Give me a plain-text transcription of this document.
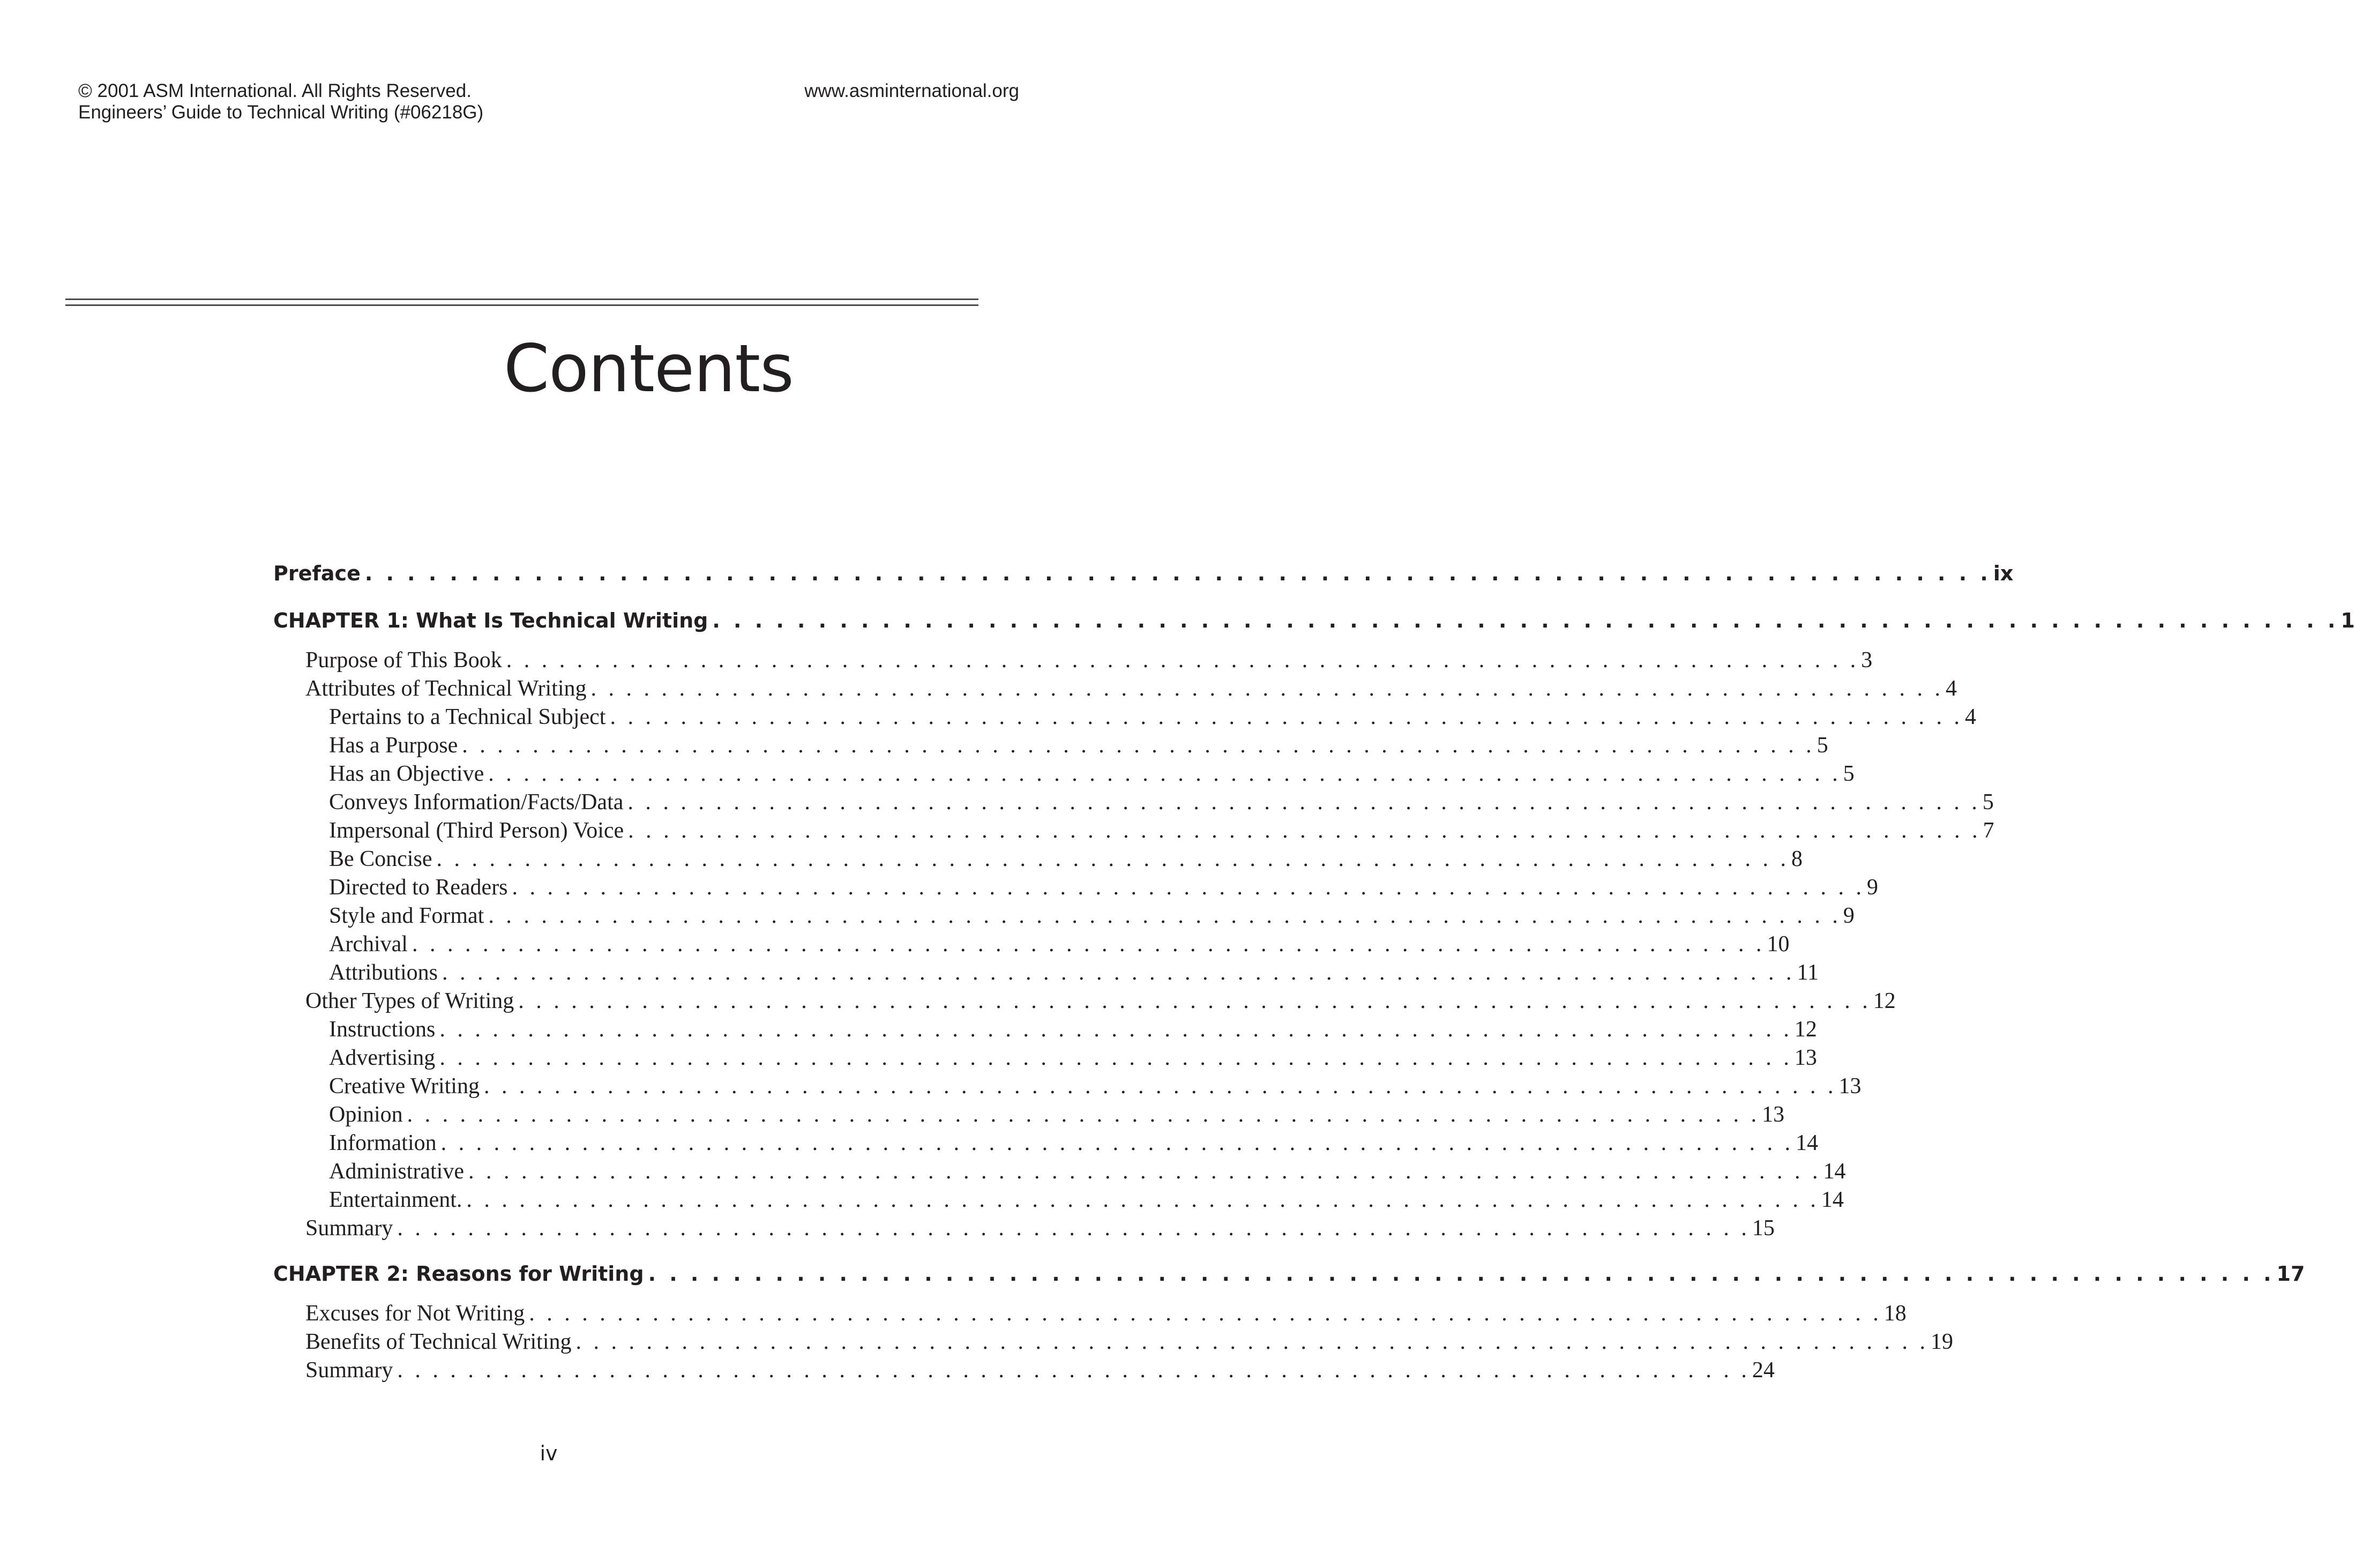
© 2001 ASM International. All Rights Reserved.
Engineers’ Guide to Technical Writing (#06218G)
www.asminternational.org
Contents
Preface . . . . . . . . . . . . . . . . . . . . . . . . . . . . . . . . . . . . . . . . . . . . . . . . . . . . . . . . . . . . . . . . . . . . . . . . . . . . . ix
CHAPTER 1: What Is Technical Writing . . . . . . . . . . . . . . . . . . . . . . . . . . . . . . . . . . . . . . . . . . . . . . . . . . . . . . . . . . . . . . . . . . . . . . . . . . . . . 1
Purpose of This Book . . . . . . . . . . . . . . . . . . . . . . . . . . . . . . . . . . . . . . . . . . . . . . . . . . . . . . . . . . . . . . . . . . . . . . . . . . . . . 3
Attributes of Technical Writing . . . . . . . . . . . . . . . . . . . . . . . . . . . . . . . . . . . . . . . . . . . . . . . . . . . . . . . . . . . . . . . . . . . . . . . . . . . . . 4
Pertains to a Technical Subject . . . . . . . . . . . . . . . . . . . . . . . . . . . . . . . . . . . . . . . . . . . . . . . . . . . . . . . . . . . . . . . . . . . . . . . . . . . . . 4
Has a Purpose . . . . . . . . . . . . . . . . . . . . . . . . . . . . . . . . . . . . . . . . . . . . . . . . . . . . . . . . . . . . . . . . . . . . . . . . . . . . . 5
Has an Objective . . . . . . . . . . . . . . . . . . . . . . . . . . . . . . . . . . . . . . . . . . . . . . . . . . . . . . . . . . . . . . . . . . . . . . . . . . . . . 5
Conveys Information/Facts/Data . . . . . . . . . . . . . . . . . . . . . . . . . . . . . . . . . . . . . . . . . . . . . . . . . . . . . . . . . . . . . . . . . . . . . . . . . . . . . 5
Impersonal (Third Person) Voice . . . . . . . . . . . . . . . . . . . . . . . . . . . . . . . . . . . . . . . . . . . . . . . . . . . . . . . . . . . . . . . . . . . . . . . . . . . . . 7
Be Concise . . . . . . . . . . . . . . . . . . . . . . . . . . . . . . . . . . . . . . . . . . . . . . . . . . . . . . . . . . . . . . . . . . . . . . . . . . . . . 8
Directed to Readers . . . . . . . . . . . . . . . . . . . . . . . . . . . . . . . . . . . . . . . . . . . . . . . . . . . . . . . . . . . . . . . . . . . . . . . . . . . . . 9
Style and Format . . . . . . . . . . . . . . . . . . . . . . . . . . . . . . . . . . . . . . . . . . . . . . . . . . . . . . . . . . . . . . . . . . . . . . . . . . . . . 9
Archival . . . . . . . . . . . . . . . . . . . . . . . . . . . . . . . . . . . . . . . . . . . . . . . . . . . . . . . . . . . . . . . . . . . . . . . . . . . . . 10
Attributions . . . . . . . . . . . . . . . . . . . . . . . . . . . . . . . . . . . . . . . . . . . . . . . . . . . . . . . . . . . . . . . . . . . . . . . . . . . . . 11
Other Types of Writing . . . . . . . . . . . . . . . . . . . . . . . . . . . . . . . . . . . . . . . . . . . . . . . . . . . . . . . . . . . . . . . . . . . . . . . . . . . . . 12
Instructions . . . . . . . . . . . . . . . . . . . . . . . . . . . . . . . . . . . . . . . . . . . . . . . . . . . . . . . . . . . . . . . . . . . . . . . . . . . . . 12
Advertising . . . . . . . . . . . . . . . . . . . . . . . . . . . . . . . . . . . . . . . . . . . . . . . . . . . . . . . . . . . . . . . . . . . . . . . . . . . . . 13
Creative Writing . . . . . . . . . . . . . . . . . . . . . . . . . . . . . . . . . . . . . . . . . . . . . . . . . . . . . . . . . . . . . . . . . . . . . . . . . . . . . 13
Opinion . . . . . . . . . . . . . . . . . . . . . . . . . . . . . . . . . . . . . . . . . . . . . . . . . . . . . . . . . . . . . . . . . . . . . . . . . . . . . 13
Information . . . . . . . . . . . . . . . . . . . . . . . . . . . . . . . . . . . . . . . . . . . . . . . . . . . . . . . . . . . . . . . . . . . . . . . . . . . . . 14
Administrative . . . . . . . . . . . . . . . . . . . . . . . . . . . . . . . . . . . . . . . . . . . . . . . . . . . . . . . . . . . . . . . . . . . . . . . . . . . . . 14
Entertainment. . . . . . . . . . . . . . . . . . . . . . . . . . . . . . . . . . . . . . . . . . . . . . . . . . . . . . . . . . . . . . . . . . . . . . . . . . . . . . 14
Summary . . . . . . . . . . . . . . . . . . . . . . . . . . . . . . . . . . . . . . . . . . . . . . . . . . . . . . . . . . . . . . . . . . . . . . . . . . . . . 15
CHAPTER 2: Reasons for Writing . . . . . . . . . . . . . . . . . . . . . . . . . . . . . . . . . . . . . . . . . . . . . . . . . . . . . . . . . . . . . . . . . . . . . . . . . . . . . 17
Excuses for Not Writing . . . . . . . . . . . . . . . . . . . . . . . . . . . . . . . . . . . . . . . . . . . . . . . . . . . . . . . . . . . . . . . . . . . . . . . . . . . . . 18
Benefits of Technical Writing . . . . . . . . . . . . . . . . . . . . . . . . . . . . . . . . . . . . . . . . . . . . . . . . . . . . . . . . . . . . . . . . . . . . . . . . . . . . . 19
Summary . . . . . . . . . . . . . . . . . . . . . . . . . . . . . . . . . . . . . . . . . . . . . . . . . . . . . . . . . . . . . . . . . . . . . . . . . . . . . 24
iv
